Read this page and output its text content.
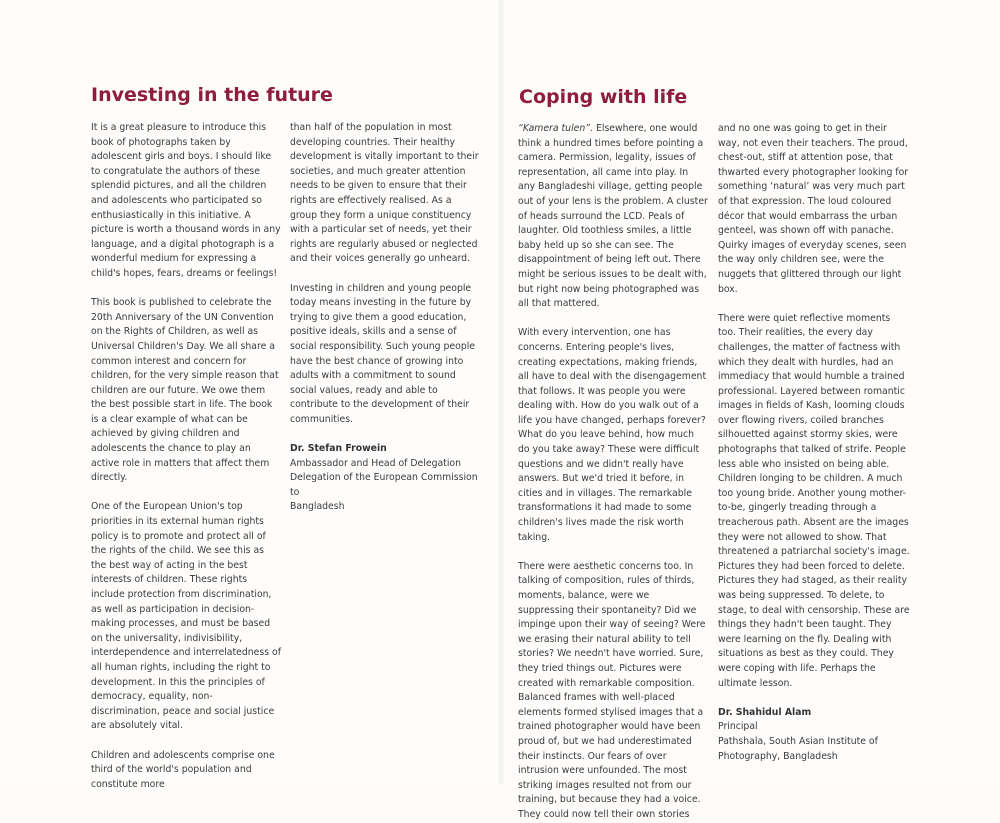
Investing in the future

It is a great pleasure to introduce this book of photographs taken by adolescent girls and boys. I should like to congratulate the authors of these splendid pictures, and all the children and adolescents who participated so enthusiastically in this initiative. A picture is worth a thousand words in any language, and a digital photograph is a wonderful medium for expressing a child's hopes, fears, dreams or feelings!

This book is published to celebrate the 20th Anniversary of the UN Convention on the Rights of Children, as well as Universal Children's Day. We all share a common interest and concern for children, for the very simple reason that children are our future. We owe them the best possible start in life. The book is a clear example of what can be achieved by giving children and adolescents the chance to play an active role in matters that affect them directly.

One of the European Union's top priorities in its external human rights policy is to promote and protect all of the rights of the child. We see this as the best way of acting in the best interests of children. These rights include protection from discrimination, as well as participation in decision-making processes, and must be based on the universality, indivisibility, interdependence and interrelatedness of all human rights, including the right to development. In this the principles of democracy, equality, non-discrimination, peace and social justice are absolutely vital.

Children and adolescents comprise one third of the world's population and constitute more

than half of the population in most developing countries. Their healthy development is vitally important to their societies, and much greater attention needs to be given to ensure that their rights are effectively realised. As a group they form a unique constituency with a particular set of needs, yet their rights are regularly abused or neglected and their voices generally go unheard.

Investing in children and young people today means investing in the future by trying to give them a good education, positive ideals, skills and a sense of social responsibility. Such young people have the best chance of growing into adults with a commitment to sound social values, ready and able to contribute to the development of their communities.

Dr. Stefan Frowein
Ambassador and Head of Delegation
Delegation of the European Commission to
Bangladesh
Coping with life

“Kamera tulen”. Elsewhere, one would think a hundred times before pointing a camera. Permission, legality, issues of representation, all came into play. In any Bangladeshi village, getting people out of your lens is the problem. A cluster of heads surround the LCD. Peals of laughter. Old toothless smiles, a little baby held up so she can see. The disappointment of being left out. There might be serious issues to be dealt with, but right now being photographed was all that mattered.

With every intervention, one has concerns. Entering people's lives, creating expectations, making friends, all have to deal with the disengagement that follows. It was people you were dealing with. How do you walk out of a life you have changed, perhaps forever? What do you leave behind, how much do you take away? These were difficult questions and we didn't really have answers. But we'd tried it before, in cities and in villages. The remarkable transformations it had made to some children's lives made the risk worth taking.

There were aesthetic concerns too. In talking of composition, rules of thirds, moments, balance, were we suppressing their spontaneity? Did we impinge upon their way of seeing? Were we erasing their natural ability to tell stories? We needn't have worried. Sure, they tried things out. Pictures were created with remarkable composition. Balanced frames with well-placed elements formed stylised images that a trained photographer would have been proud of, but we had underestimated their instincts. Our fears of over intrusion were unfounded. The most striking images resulted not from our training, but because they had a voice. They could now tell their own stories

and no one was going to get in their way, not even their teachers. The proud, chest-out, stiff at attention pose, that thwarted every photographer looking for something ‘natural’ was very much part of that expression. The loud coloured décor that would embarrass the urban genteel, was shown off with panache. Quirky images of everyday scenes, seen the way only children see, were the nuggets that glittered through our light box.

There were quiet reflective moments too. Their realities, the every day challenges, the matter of factness with which they dealt with hurdles, had an immediacy that would humble a trained professional. Layered between romantic images in fields of Kash, looming clouds over flowing rivers, coiled branches silhouetted against stormy skies, were photographs that talked of strife. People less able who insisted on being able. Children longing to be children. A much too young bride. Another young mother-to-be, gingerly treading through a treacherous path. Absent are the images they were not allowed to show. That threatened a patriarchal society's image. Pictures they had been forced to delete. Pictures they had staged, as their reality was being suppressed. To delete, to stage, to deal with censorship. These are things they hadn't been taught. They were learning on the fly. Dealing with situations as best as they could. They were coping with life. Perhaps the ultimate lesson.

Dr. Shahidul Alam
Principal
Pathshala, South Asian Institute of
Photography, Bangladesh
